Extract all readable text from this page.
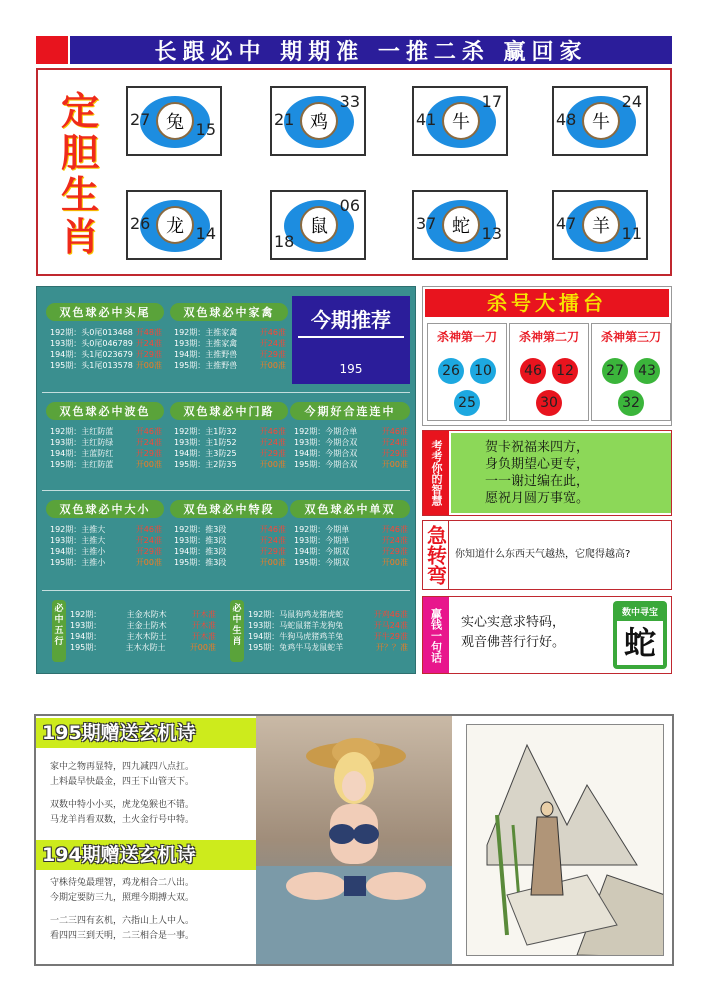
长跟必中 期期准 一推二杀 赢回家
定胆生肖
兔
27
15	鸡
21
33
牛
41
17
牛
48
24
龙
26
14	鼠
18
06
蛇
37
13	羊
47
11
双色球必中头尾
192期：头0尾013468 开48准
193期：头0尾046789 开24准
194期：头1尾023679 开29准
195期：头1尾013578 开00准
双色球必中家禽
192期：主推家禽	开46准
193期：主推家禽	开24准
194期：主推野兽	开29准
195期：主推野兽	开00准
双色球必中波色
192期：主红防蓝	开46准
193期：主红防绿	开24准
194期：主蓝防红	开29准
195期：主红防蓝	开00准
双色球必中门路
192期：主1防32	开46准
193期：主1防52	开24准
194期：主3防25	开29准
195期：主2防35	开00准
今期好合连连中
192期：今期合单	开46准
193期：今期合双	开24准
194期：今期合双	开29准
195期：今期合双	开00准
双色球必中大小
192期：主推大	开46准
193期：主推大	开24准
194期：主推小	开29准
195期：主推小	开00准
双色球必中特段
192期：推3段	开46准
193期：推3段	开24准
194期：推3段	开29准
195期：推3段	开00准
双色球必中单双
192期：今期单	开46准
193期：今期单	开24准
194期：今期双	开29准
195期：今期双	开00准
必中五行
192期：	主金水防木	开木准
193期：	主金土防木	开木准
194期：	主水木防土	开木准
195期：	主木水防土	开00准
必中生肖
192期：马鼠狗鸡龙猪虎蛇	开鸡46准
193期：马蛇鼠猪羊龙狗兔	开马24准
194期：牛狗马虎猪鸡羊兔	开牛29准
195期：兔鸡牛马龙鼠蛇羊	开？？准
今期推荐
195
杀号大擂台
杀神第一刀
26 10
25
杀神第二刀
46 12
30
杀神第三刀
27 43
32
考考你的智慧	贺卡祝福来四方，
身负期望心更专，
一一谢过编在此，
愿祝月圆万事宽。
急转弯 你知道什么东西天气越热，它爬得越高?
赢钱一句话	实心实意求特码，
观音佛菩行行好。
数中寻宝
蛇
195期赠送玄机诗
家中之物再显特，四九减四八点扛。
上料最早快最金，四王下山管天下。
双数中特小小买，虎龙兔猴也不错。
马龙羊肖看双数，土火金行号中特。
194期赠送玄机诗
守株待兔最理智，鸡龙相合二八出。
今期定要防三九，照理今期搏大双。
一二三四有玄机，六指山上人中人。
看四四三到天明，二三相合是一事。
